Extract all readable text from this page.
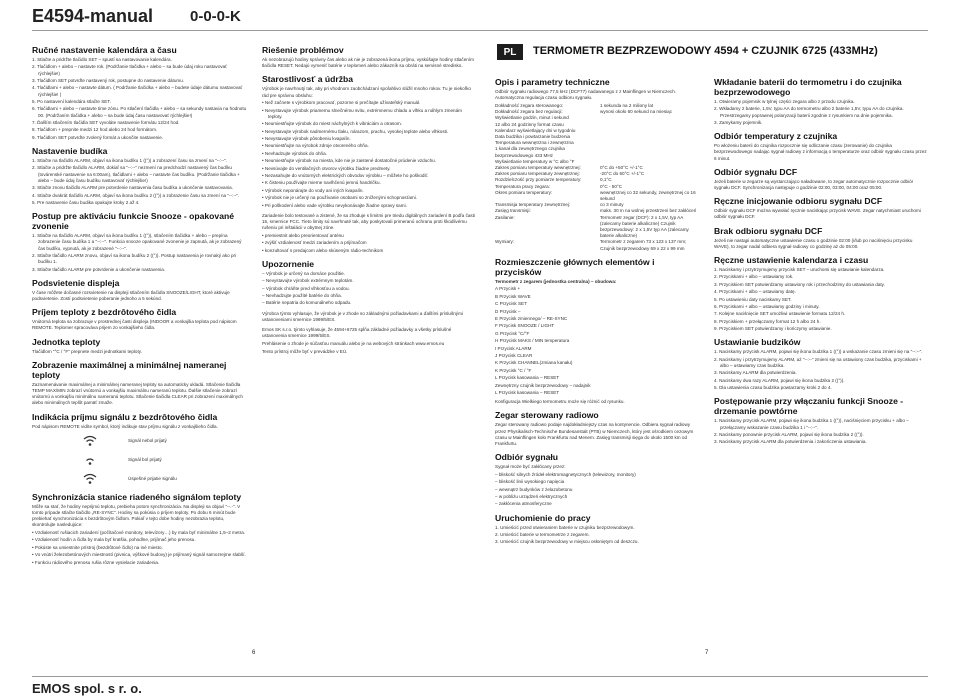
E4594-manual 0-0-0-K
Ručné nastavenie kalendára a času
1. Stlačte a pridržte tlačidlo SET – spustí sa nastavovanie kalendára.
2. Tlačidlom + alebo – nastavte rok. (Podržanie tlačidka + alebo – sa bude údaj roku nastavovať rýchlejšie!)
3. Tlačidlom SET potvrďte nastavený rok, postupne do nastavenie dátumu.
4. Tlačidlami + alebo – nastavte dátum. ( Podržanie tlačidka + alebo – budete údaje dátumu nastavovať rýchlejšie! )
5. Po nastavení kalendára stlačte SET.
6. Tlačidlami + alebo – nastavte time zónu. Po stlačení tlačidla + alebo – sa sekundy nastavia na hodnotu 00. (Podržaním tlačidka + alebo – sa bude údaj času nastavovať rýchlejšie!)
7. Ďalším stlačením tlačidla SET vyvoláte nastavenie formátu 12/24 hod.
8. Tlačidlom + prepnite medzi 12 hod alebo 24 hod formátom.
9. Tlačidlom SET potvrďte zvolený formát a ukončite nastavenie.
Nastavenie budíka
1. Stlačte na tlačidlo ALARM, objaví sa ikona budíku 1 ((°)) a zobrazení času sa zmení na "--:--".
2. Stlačte a pridržte tlačidlo ALARM, dokiaľ sa "--:--" nezmení na predchodzí nastavený čas budíku (továrenské nastavenie na 6:00am), tlačidlami + alebo – nastavte čas budíku. (Podržanie tlačidka + alebo – bude údaj času budíku nastavovať rýchlejšie!)
3. Stlačte znovu tlačidlo ALARM pre potvrdenie nastavenia času budíka a ukončenie nastavovania.
4. Stlačte dvakrát tlačidlo ALARM, objaví sa ikona budíku 2 ((°)) a zobrazenie času sa zmení na "--:--".
5. Pre nastavenie času budika opakujte kroky 2 až 4.
Postup pre aktiváciu funkcie Snooze - opakované zvonenie
1. Stlačte na tlačidlo ALARM, objaví sa ikona budíku 1 ((°)), stlačením tlačidka + alebo – prepína zobrazenie času budíka 1 a "--:--". Funkcia snooze opakované zvonenie je zapnutá, ak je zobrazený čas budíku, vypnutá, ak je zobrazené "--:--".
2. Stlačte tlačidlo ALARM znovu, objaví sa ikona budíku 2 ((°)). Postup nastavenia je rovnaký ako pri budíku 1.
3. Stlačte tlačidlo ALARM pre potvrdenie a ukončenie nastavenia.
Podsvietenie displeja

V čase môžete dočasné rozsvietenie na displeji stlačením tlačidla SNOOZE/LIGHT, ktoré aktivuje podsvietenie. Zostí podsvietenie poberanie jednoho a 5 sekúnd.

Príjem teploty z bezdrôtového čidla

Vnútorná teplota sa zobrazuje v prostrednej časti displeja (INDOOR a vonkajšia teplota pod nápisom REMOTE. Teplomer spracováva prijem zo vonkajšieho čidla.

Jednotka teploty

Tlačidlom "°C / °F" prepnete medzi jednotkami teploty.

Zobrazenie maximálnej a minimálnej nameranej teploty

Zaznamenávanie maximálnej a minimálnej nameranej teploty sa automaticky ukladá. Stlačenie tlačidla TEMP MAX/MIN zobrazí vnútornú a vonkajšiu maximálnu nameranú teplotu. Ďalšie stlačenie zobrazí vnútornú a vonkajšiu minimálnu nameranú teplotu. Stlačenie tlačidla CLEAR pri zobrazení maximálnych alebo minimálnych teplôt pamäť zmaže.

Indikácia príjmu signálu z bezdrôtového čidla

Pod nápisom REMOTE vidíte symbol, ktorý indikuje stav príjmu signálu z vonkajšieho čidla.

Signál nebol prijatý
Signál bol prijatý
Úspešné prijatie signálu
Synchronizácia stanice riadeného signálom teploty

Môže sa stať, že hodiny neprijmú teplotu, prebieha potom synchronizácia. Na displeji sa objaví "--.-". V tomto prípade stlačte tlačidlo „RE-SYNC". Hodiny sa pokúsia o príjem teploty. Po dobu 6 minút bude prebiehať synchronizácia s bezdrôtovým čidlom. Pokiaľ v tejto dobe hodiny nezobrazia teplotu, skontrolujte nasledujúce:

• Vzdialenosť rušiacich zariadení (počítačové monitory, televízory…) by mala byť minimálne 1,5–2 metra.
• Vzdialenosť hodín a čidla by mala byť kratšia, pohodlne, prijímač jeho prenosu.
• Pokúste sa umiestnite prístroj (bezdrôtové čidlo) na iné miesto.
• Vo vnútri železobetónových miestností (pivnica, výškové budovy) je prijímaný signál samozrejme slabší.
• Funkciu rádiového prenosu rušia rôzne vysielacie zariadenia.
Riešenie problémov

Ak nezobrazujú hodiny správny čas alebo ak nie je zobrazená ikona príjmu, vyskúšajte hodiny stlačením tlačidla RESET. Nedajú vymeniť batérie v teplomeri alebo zákazník sa obráti na servisné stredisko.

Starostlivosť a údržba

Výrobok je navrhnutý tak, aby pri vhodnom zaobchádzaní spoľahlivo slúžil mnoho rokov. Tu je niekoľko rád pre správnu obsluhu:

• Než začnete s výrobkom pracovať, pozorne si prečítajte užívateľský manuál.
• Nevystavujte výrobok priamemu slnečnému svitu, extrémnemu chladu a vlhku a náhlym zmenám teploty.
• Neumiestňujte výrobok do miest náchylných k vibráciám a otrasom.
• Nevystavujte výrobok nadmernému tlaku, nárazom, prachu, vysokej teplote alebo vlhkosti.
• Nevystavujte výrobok pôsobeniu kvapalín.
• Neumiestňujte na výrobok zdroje otvoreného ohňa.
• Nevhadzujte výrobok do ohňa.
• Neumiestňujte výrobok na miesta, kde nie je zaistené dostatočné prúdenie vzduchu.
• Nevsúvajte do ventilačných otvorov výrobku žiadne predmety.
• Nezasahujte do vnútorných elektrických obvodov výrobku – môžete ho poškodiť.
• K čisteniu používajte mierne navlhčenú jemnú handričku.
• Výrobok neponárajte do vody ani iných kvapalín.
• Výrobok nie je určený na používanie osobami so zníženými schopnosťami.
• Pri poškodení alebo vade výrobku nevykonávajte žiadne opravy sami.

Zariadenie bolo testované a zistené, že sa zhoduje s limitmi pre triedu digitálnych zariadení B podľa časti 15, smernice FCC. Tieto limity sú navrhnuté tak, aby poskytovali primeranú ochranu proti škodlivému rušeniu pri inštalácii v obytnej zóne.

• premiestnit alebo preorientovať anténu
• zvýšiť vzdialenosť medzi zariadením a prijímačom
• konzultovať s predajcom alebo skúseným rádio-technikom
Upozornenie
– Výrobok je určený na domáce použitie.
– Nevystavujte výrobok extrémnym teplotám.
– Výrobok chráňte pred vlhkosťou a vodou.
– Nevhadzujte použité batérie do ohňa.
– Batérie nepatria do komunálneho odpadu.

Výrobca týmto vyhlasuje, že výrobok je v zhode so základnými požiadavkami a ďalšími príslušnými ustanoveniami smernice 1999/5/ES.

Emos SK s.r.o. týmto vyhlasuje, že 4594+6725 spĺňa základné požiadavky a všetky príslušné ustanovenia smernice 1999/5/ES.

Prehlásenie o zhode je súčasťou manuálu alebo je na webových stránkach www.emos.eu

Tento prístroj môže byť v prevádzke v EÚ.

PL	TERMOMETR BEZPRZEWODOWY 4594 + CZUJNIK 6725 (433MHz)
Opis i parametry techniczne

Odbiór sygnału radiowego 77,5 kHz (DCF77) nadawanego z z Mainflingen w Niemczech. Automatyczna regulacja czasu odbioru sygnału.

Dokładność zegara sterowanego:	1 sekunda na 2 miliony lat
Dokładność zegara bez regulacji:	wynosi około 60 sekund na miesiąc
Wyświetlanie godzin, minut i sekund
12 albo 24 godzinny format czasu
Kalendarz wyświetlający dni w tygodniu
Data budzika i powtarzanie budzenia
Temperatura wewnętrzna i zewnętrzna
1 kanał dla zewnętrznego czujnika bezprzewodowego 433 MHz
Wyświetlanie temperatury w °C albo °F
Zakres pomiaru temperatury wewnętrznej:	0°C do +50°C +/-1°C
Zakres pomiaru temperatury zewnętrznej:	-20°C do 60°C +/-1°C
Rozdzielczość przy pomiarze temperatury:	0,1°C
Temperatura pracy zegara:	0°C - 50°C
Okres pomiaru temperatury:	wewnętrznej co 32 sekundy, zewnętrznej co 16 sekund
Transmisja temperatury zewnętrznej:	co 3 minuty
Zasięg transmisji:	maks. 30 m na wolnej przestrzeni bez zakłóceń
Zasilanie:	Termometr zegar (DCF): 2 x 1,5V, typ AA (zalecamy baterie alkaliczne) Czujnik bezprzewodowy: 2 x 1,5V typ AA (zalecamy baterie alkaliczne)
Wymiary:	Termometr z zegarem 73 x 123 x 137 mm; Czujnik bezprzewodowy 69 x 22 x 99 mm
Rozmieszczenie głównych elementów i przycisków

Termometr z zegarem (jednostka centralna) – obudowa:

A Przycisk +
B Przycisk WAVE
C Przycisk SET
D Przycisk –
E Przycisk zmiennego/ – RE-SYNC
F Przycisk SNOOZE / LIGHT
G Przycisk °C/°F
H Przycisk MAKS / MIN temperatura
I Przycisk ALARM
J Przycisk CLEAR
K Przycisk CHANNEL(zmiana kanału)
K Przycisk °C / °F
L Przycisk kasowania – RESET
Zewnętrzny czujnik bezprzewodowy – nadajnik
L Przycisk kasowania – RESET

Konfiguracja Wielkiego termometru może się różnić od rysunku.

Zegar sterowany radiowo

Zegar sterowany radiowo podaje najdokładniejszy czas na kontynencie. Odbiera sygnał radiowy przez Physikalisch-Technische Bundesanstalt (PTB) w Niemczech, który jest ośrodkiem cezowym czasu w Mainflingen koło Frankfurtu nad Menem. Zasięg transmisji sięga do około 1500 km od Frankfurtu.

Odbiór sygnału

Sygnał może być zakłócany przez:

– bliskość silnych źródeł elektromagnetycznych (telewizory, monitory)
– bliskość linii wysokiego napięcia
– wewnątrz budynków z żelazobetonu
– w pobliżu urządzeń elektrycznych
– zakłócenia atmosferyczne
Uruchomienie do pracy
1. Umieścić przed otwieraniem baterie w czujniku bezprzewodowym.
2. Umieścić baterie w termometrze z zegarem.
3. Umieścić czujnik bezprzewodowy w miejscu osłoniętym od deszczu.
Wkładanie baterii do termometru i do czujnika bezprzewodowego
1. Otwieramy pojemnik w tylnej części zegara albo z przodu czujnika.
2. Wkładamy 2 baterie, 1,5V, typu AA do termometru albo 2 baterie 1,5V, typu AA do czujnika. Przestrzegamy poprawnej polaryzacji baterii zgodnie z rysunkiem na dnie pojemnika.
3. Zamykamy pojemnik.
Odbiór temperatury z czujnika

Po włożeniu baterii do czujnika rozpocznie się odliczanie czasu (zerowanie) do czujnika bezprzewodowego nadając sygnał radiowy z informacją o temperaturze oraz odbiór sygnału czasu przez 6 minut.

Odbiór sygnału DCF

Jeżeli baterie w zegarze są wystarczająco naładowane, to zegar automatycznie rozpocznie odbiór sygnału DCF. Synchronizacja następuje o godzinie 02:00, 03:00, 04:00 oraz 05:00.

Ręczne inicjowanie odbioru sygnału DCF

Odbiór sygnału DCF można wywołać ręcznie naciskając przycisk WAVE. Zegar natychmiast uruchomi odbiór sygnału DCF.

Brak odbioru sygnału DCF

Jeżeli nie nastąpi automatyczne ustawienie czasu o godzinie 02:00 (i/lub po naciśnięciu przycisku WAVE), to zegar nadal odbiera sygnał radiowy co godzinę aż do 05:00.

Ręczne ustawienie kalendarza i czasu
1. Naciskamy i przytrzymujemy przycisk SET – uruchomi się ustawianie kalendarza.
2. Przyciskami + albo – ustawiamy rok.
3. Przyciskiem SET potwierdzamy ustawiony rok i przechodzimy do ustawiania daty.
4. Przyciskami + albo – ustawiamy datę.
5. Po ustawieniu daty naciskamy SET.
6. Przyciskami + albo – ustawiamy godziny i minuty.
7. Kolejne naciśnięcie SET umożliwi ustawienie formatu 12/24 h.
8. Przyciskiem + przełączamy format 12 h albo 24 h.
9. Przyciskiem SET potwierdzamy i kończymy ustawianie.
Ustawianie budzików
1. Naciskamy przycisk ALARM, pojawi się ikona budzika 1 ((°)) a wskazanie czasu zmieni się na "--:--".
2. Naciskamy i przytrzymujemy ALARM, aż "--:--" zmieni się na ustawiony czas budzika, przyciskami + albo – ustawiamy czas budzika.
3. Naciskamy ALARM dla potwierdzenia.
4. Naciskamy dwa razy ALARM, pojawi się ikona budzika 2 ((°)).
5. Dla ustawienia czasu budzika powtarzamy kroki 2 do 4.
Postępowanie przy włączaniu funkcji Snooze - drzemanie powtórne
1. Naciskamy przycisk ALARM, pojawi się ikona budzika 1 ((°)), naciśnięciem przycisku + albo – przełączamy wskazanie czasu budzika 1 i "--:--".
2. Naciskamy ponownie przycisk ALARM, pojawi się ikona budzika 2 ((°)).
3. Naciskamy przycisk ALARM dla potwierdzenia i zakończenia ustawiania.
6	7
EMOS spol. s r. o.
